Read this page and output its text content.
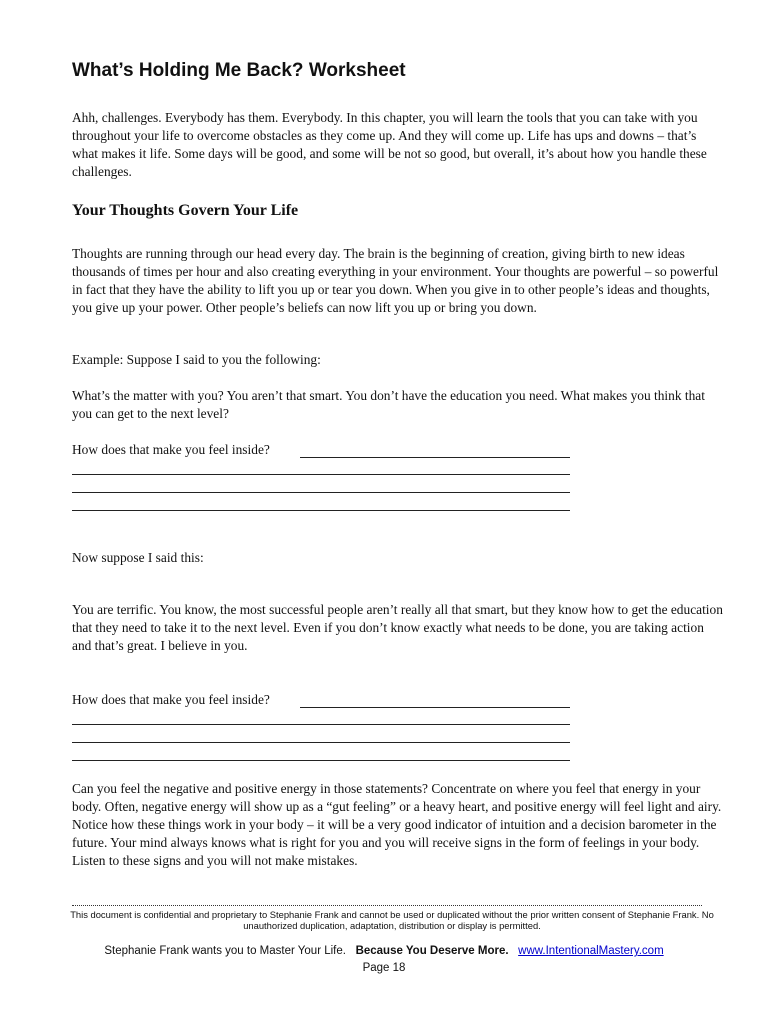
What’s Holding Me Back? Worksheet

Ahh, challenges. Everybody has them. Everybody. In this chapter, you will learn the tools that you can take with you throughout your life to overcome obstacles as they come up. And they will come up. Life has ups and downs – that’s what makes it life. Some days will be good, and some will be not so good, but overall, it’s about how you handle these challenges.

Your Thoughts Govern Your Life

Thoughts are running through our head every day. The brain is the beginning of creation, giving birth to new ideas thousands of times per hour and also creating everything in your environment. Your thoughts are powerful – so powerful in fact that they have the ability to lift you up or tear you down. When you give in to other people’s ideas and thoughts, you give up your power. Other people’s beliefs can now lift you up or bring you down.

Example: Suppose I said to you the following:

What’s the matter with you? You aren’t that smart. You don’t have the education you need. What makes you think that you can get to the next level?

How does that make you feel inside?

Now suppose I said this:

You are terrific. You know, the most successful people aren’t really all that smart, but they know how to get the education that they need to take it to the next level. Even if you don’t know exactly what needs to be done, you are taking action and that’s great. I believe in you.

How does that make you feel inside?

Can you feel the negative and positive energy in those statements? Concentrate on where you feel that energy in your body. Often, negative energy will show up as a “gut feeling” or a heavy heart, and positive energy will feel light and airy. Notice how these things work in your body – it will be a very good indicator of intuition and a decision barometer in the future. Your mind always knows what is right for you and you will receive signs in the form of feelings in your body. Listen to these signs and you will not make mistakes.

This document is confidential and proprietary to Stephanie Frank and cannot be used or duplicated without the prior written consent of Stephanie Frank. No unauthorized duplication, adaptation, distribution or display is permitted.
Stephanie Frank wants you to Master Your Life. Because You Deserve More. www.IntentionalMastery.com
Page 18
